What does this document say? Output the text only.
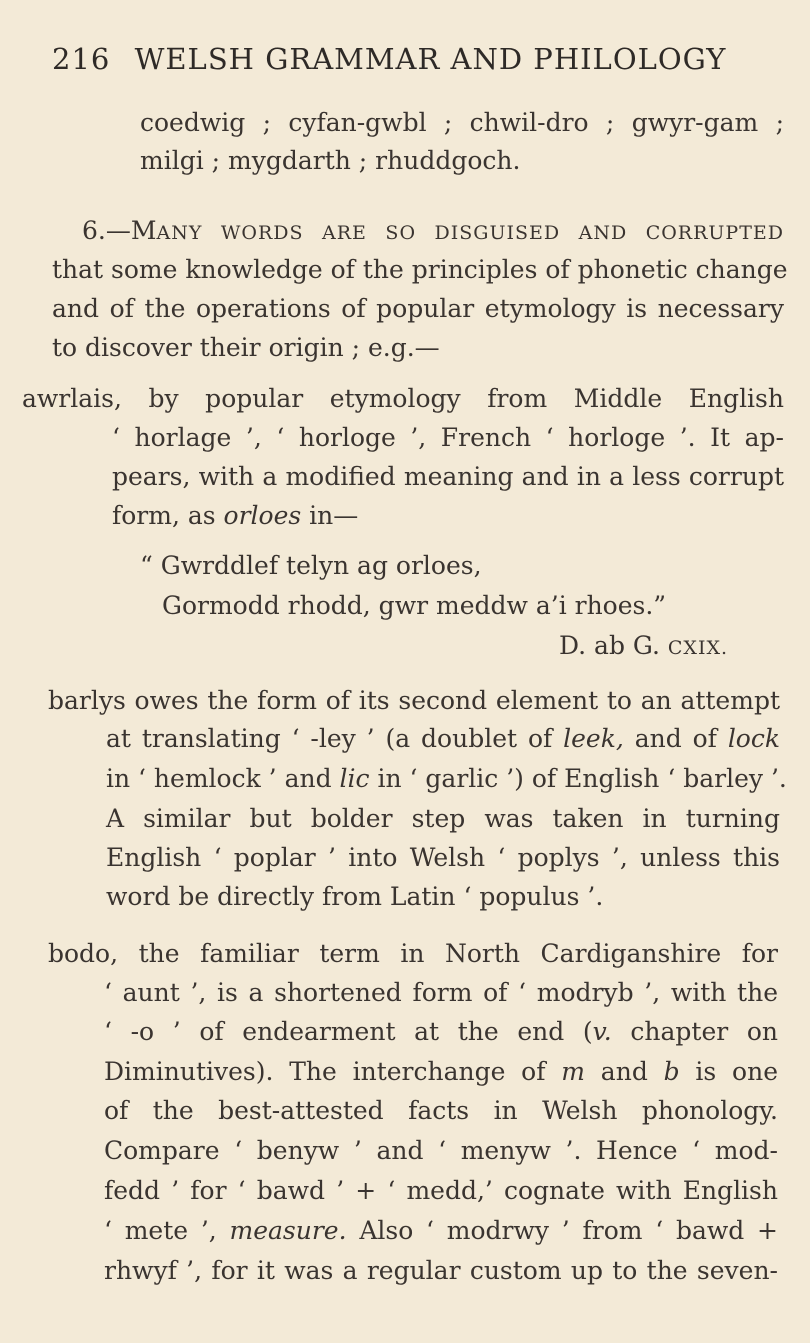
216 WELSH GRAMMAR AND PHILOLOGY
coedwig ; cyfan-gwbl ; chwil-dro ; gwyr-gam ;
milgi ; mygdarth ; rhuddgoch.
6.—MANY WORDS ARE SO DISGUISED AND CORRUPTED
that some knowledge of the principles of phonetic change
and of the operations of popular etymology is necessary
to discover their origin ; e.g.—
awrlais, by popular etymology from Middle English
‘ horlage ’, ‘ horloge ’, French ‘ horloge ’. It ap-
pears, with a modified meaning and in a less corrupt
form, as orloes in—
“ Gwrddlef telyn ag orloes,
Gormodd rhodd, gwr meddw a’i rhoes.”
D. ab G. CXIX.
barlys owes the form of its second element to an attempt
at translating ‘ -ley ’ (a doublet of leek, and of lock
in ‘ hemlock ’ and lic in ‘ garlic ’) of English ‘ barley ’.
A similar but bolder step was taken in turning
English ‘ poplar ’ into Welsh ‘ poplys ’, unless this
word be directly from Latin ‘ populus ’.
bodo, the familiar term in North Cardiganshire for
‘ aunt ’, is a shortened form of ‘ modryb ’, with the
‘ -o ’ of endearment at the end (v. chapter on
Diminutives). The interchange of m and b is one
of the best-attested facts in Welsh phonology.
Compare ‘ benyw ’ and ‘ menyw ’. Hence ‘ mod-
fedd ’ for ‘ bawd ’ + ‘ medd,’ cognate with English
‘ mete ’, measure. Also ‘ modrwy ’ from ‘ bawd +
rhwyf ’, for it was a regular custom up to the seven-
